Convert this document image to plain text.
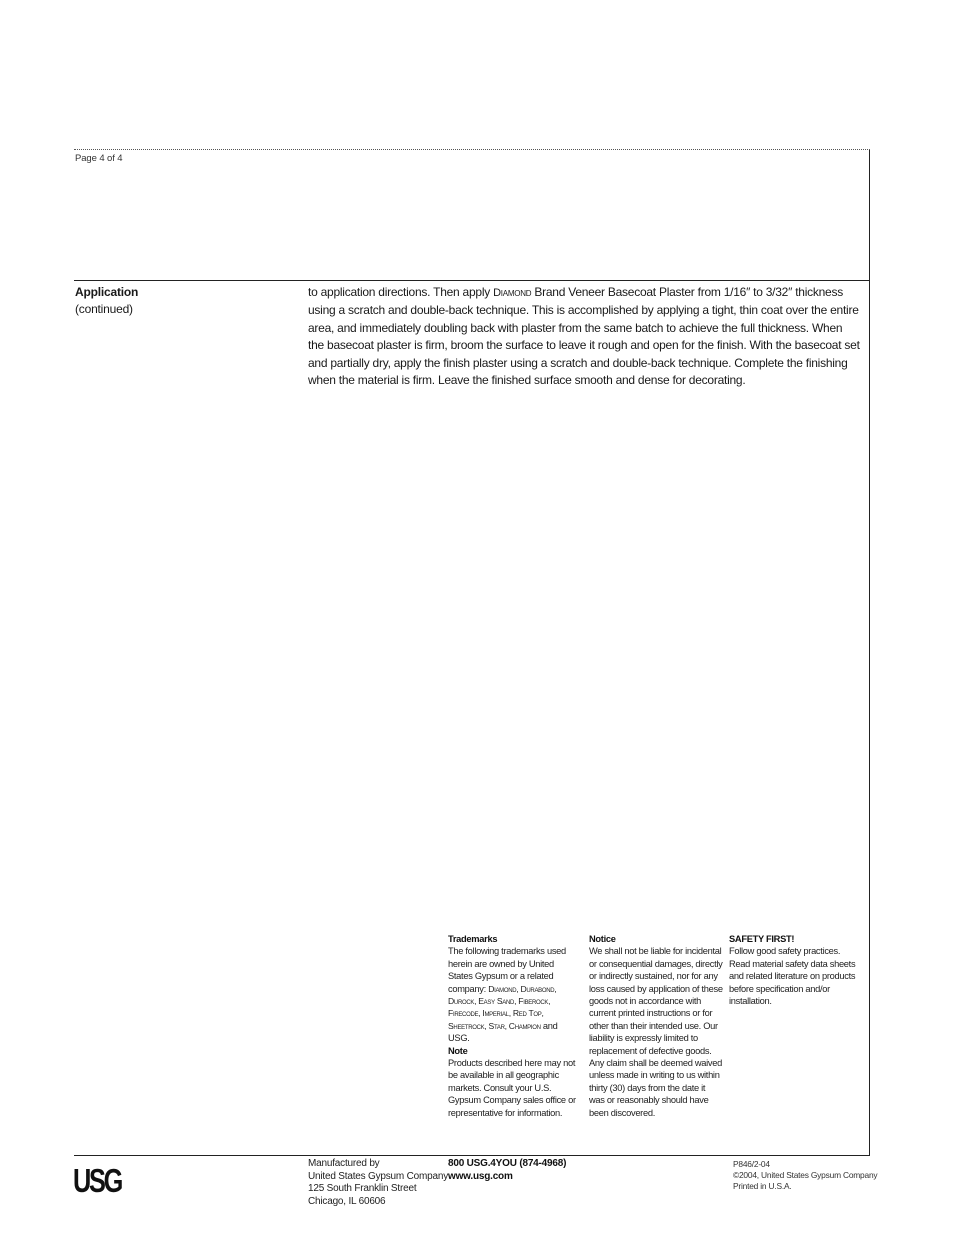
Page 4 of 4
Application
(continued)
to application directions. Then apply Diamond Brand Veneer Basecoat Plaster from 1/16″ to 3/32″ thickness using a scratch and double-back technique. This is accomplished by applying a tight, thin coat over the entire area, and immediately doubling back with plaster from the same batch to achieve the full thickness. When the basecoat plaster is firm, broom the surface to leave it rough and open for the finish. With the basecoat set and partially dry, apply the finish plaster using a scratch and double-back technique. Complete the finishing when the material is firm. Leave the finished surface smooth and dense for decorating.
Trademarks
The following trademarks used herein are owned by United States Gypsum or a related company: Diamond, Durabond, Durock, Easy Sand, Fiberock, Firecode, Imperial, Red Top, Sheetrock, Star, Champion and USG.
Note
Products described here may not be available in all geographic markets. Consult your U.S. Gypsum Company sales office or representative for information.
Notice
We shall not be liable for incidental or consequential damages, directly or indirectly sustained, nor for any loss caused by application of these goods not in accordance with current printed instructions or for other than their intended use. Our liability is expressly limited to replacement of defective goods. Any claim shall be deemed waived unless made in writing to us within thirty (30) days from the date it was or reasonably should have been discovered.
SAFETY FIRST!
Follow good safety practices. Read material safety data sheets and related literature on products before specification and/or installation.
USG	Manufactured by
United States Gypsum Company
125 South Franklin Street
Chicago, IL 60606
800 USG.4YOU (874-4968)
www.usg.com
P846/2-04
©2004, United States Gypsum Company
Printed in U.S.A.
